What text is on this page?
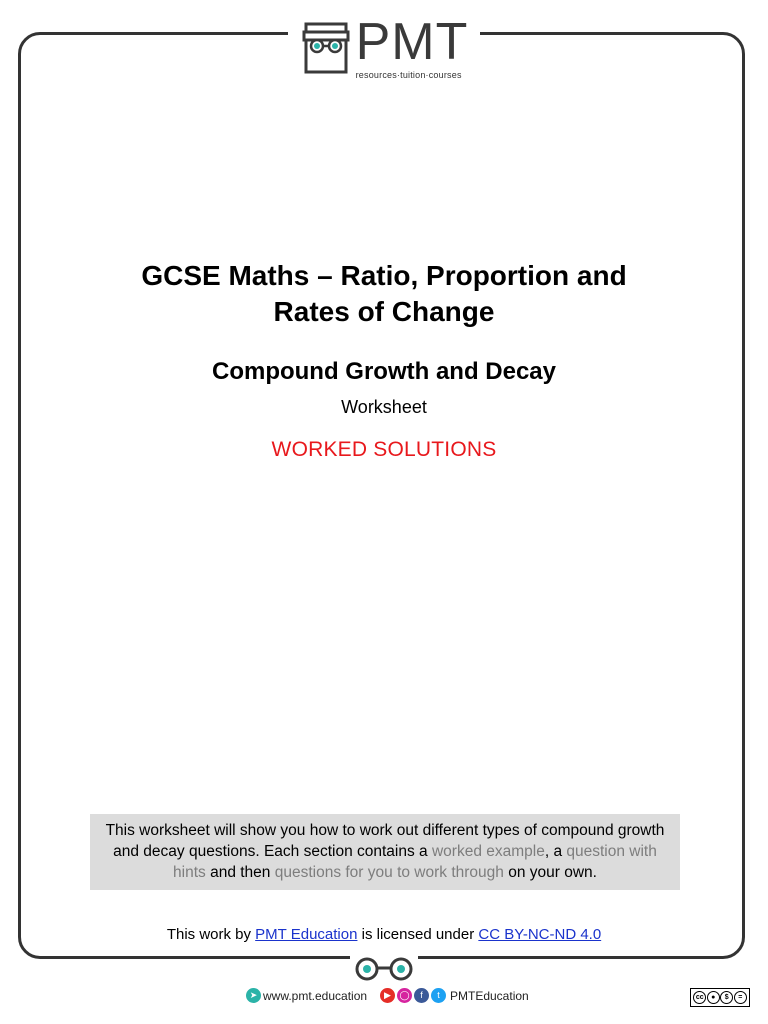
PMT
resources·tuition·courses
GCSE Maths – Ratio, Proportion and
Rates of Change
Compound Growth and Decay
Worksheet
WORKED SOLUTIONS
This worksheet will show you how to work out different types of compound growth and decay questions. Each section contains a worked example, a question with hints and then questions for you to work through on your own.
This work by PMT Education is licensed under CC BY-NC-ND 4.0
➤ www.pmt.education	▶ ◯	f	t PMTEducation	cc	●	$	=
